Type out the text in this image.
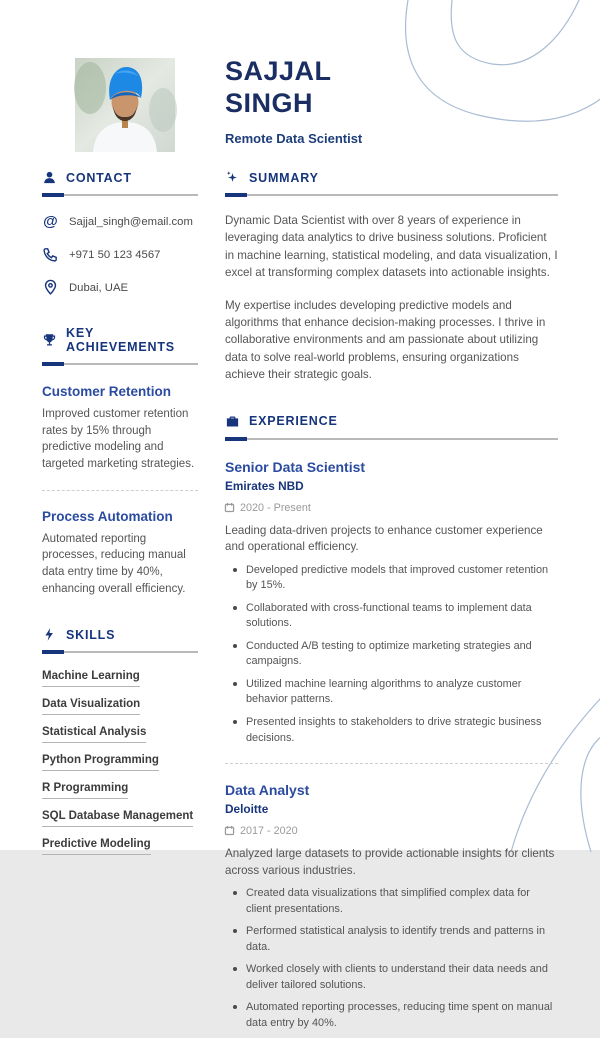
SAJJAL
SINGH
Remote Data Scientist
CONTACT
@ Sajjal_singh@email.com
+971 50 123 4567
Dubai, UAE
KEY ACHIEVEMENTS
Customer Retention
Improved customer retention rates by 15% through predictive modeling and targeted marketing strategies.
Process Automation
Automated reporting processes, reducing manual data entry time by 40%, enhancing overall efficiency.
SKILLS
Machine Learning
Data Visualization
Statistical Analysis
Python Programming
R Programming
SQL Database Management
Predictive Modeling
SUMMARY

Dynamic Data Scientist with over 8 years of experience in leveraging data analytics to drive business solutions. Proficient in machine learning, statistical modeling, and data visualization, I excel at transforming complex datasets into actionable insights.

My expertise includes developing predictive models and algorithms that enhance decision-making processes. I thrive in collaborative environments and am passionate about utilizing data to solve real-world problems, ensuring organizations achieve their strategic goals.

EXPERIENCE
Senior Data Scientist
Emirates NBD
2020 - Present
Leading data-driven projects to enhance customer experience and operational efficiency.
Developed predictive models that improved customer retention by 15%.
Collaborated with cross-functional teams to implement data solutions.
Conducted A/B testing to optimize marketing strategies and campaigns.
Utilized machine learning algorithms to analyze customer behavior patterns.
Presented insights to stakeholders to drive strategic business decisions.
Data Analyst
Deloitte
2017 - 2020
Analyzed large datasets to provide actionable insights for clients across various industries.
Created data visualizations that simplified complex data for client presentations.
Performed statistical analysis to identify trends and patterns in data.
Worked closely with clients to understand their data needs and deliver tailored solutions.
Automated reporting processes, reducing time spent on manual data entry by 40%.
